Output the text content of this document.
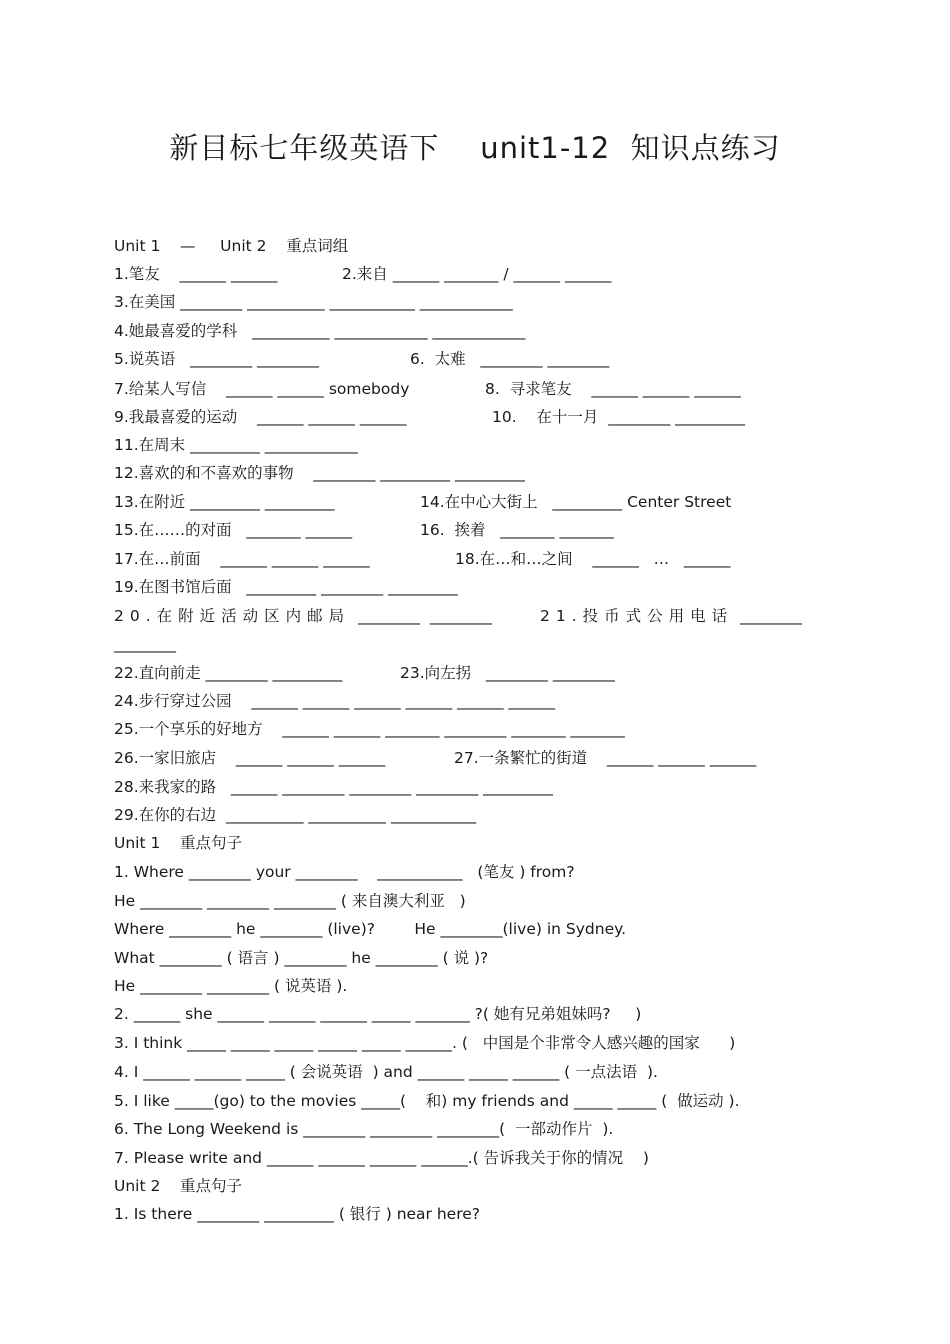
新目标七年级英语下    unit1-12  知识点练习
Unit 1    —     Unit 2    重点词组
1.笔友    ______ ______	2.来自 ______ _______ / ______ ______
3.在美国 ________ __________ ___________ ____________
4.她最喜爱的学科   __________ ____________ ____________
5.说英语   ________ ________	6.  太难   ________ ________
7.给某人写信    ______ ______ somebody	8.  寻求笔友    ______ ______ ______
9.我最喜爱的运动    ______ ______ ______	10.    在十一月  ________ _________
11.在周末 _________ ____________
12.喜欢的和不喜欢的事物    ________ _________ _________
13.在附近 _________ _________	14.在中心大街上   _________ Center Street
15.在……的对面   _______ ______	16.  挨着   _______ _______
17.在…前面    ______ ______ ______	18.在…和…之间    ______   …   ______
19.在图书馆后面   _________ ________ _________
20.在附近活动区内邮局 ________  ________	21.投币式公用电话 ________
________
22.直向前走 ________ _________	23.向左拐   ________ ________
24.步行穿过公园    ______ ______ ______ ______ ______ ______
25.一个享乐的好地方    ______ ______ _______ ________ _______ _______
26.一家旧旅店    ______ ______ ______	27.一条繁忙的街道    ______ ______ ______
28.来我家的路   ______ ________ ________ ________ _________
29.在你的右边  __________ __________ ___________
Unit 1    重点句子
1. Where ________ your ________    ___________   (笔友 ) from?
He ________ ________ ________ ( 来自澳大利亚   )
Where ________ he ________ (live)?        He ________(live) in Sydney.
What ________ ( 语言 ) ________ he ________ ( 说 )?
He ________ ________ ( 说英语 ).
2. ______ she ______ ______ ______ _____ _______ ?( 她有兄弟姐妹吗?     )
3. I think _____ _____ _____ _____ _____ ______. (   中国是个非常令人感兴趣的国家      )
4. I ______ ______ _____ ( 会说英语  ) and ______ _____ ______ ( 一点法语  ).
5. I like _____(go) to the movies _____(    和) my friends and _____ _____ (  做运动 ).
6. The Long Weekend is ________ ________ ________(  一部动作片  ).
7. Please write and ______ ______ ______ ______.( 告诉我关于你的情况    )
Unit 2    重点句子
1. Is there ________ _________ ( 银行 ) near here?
